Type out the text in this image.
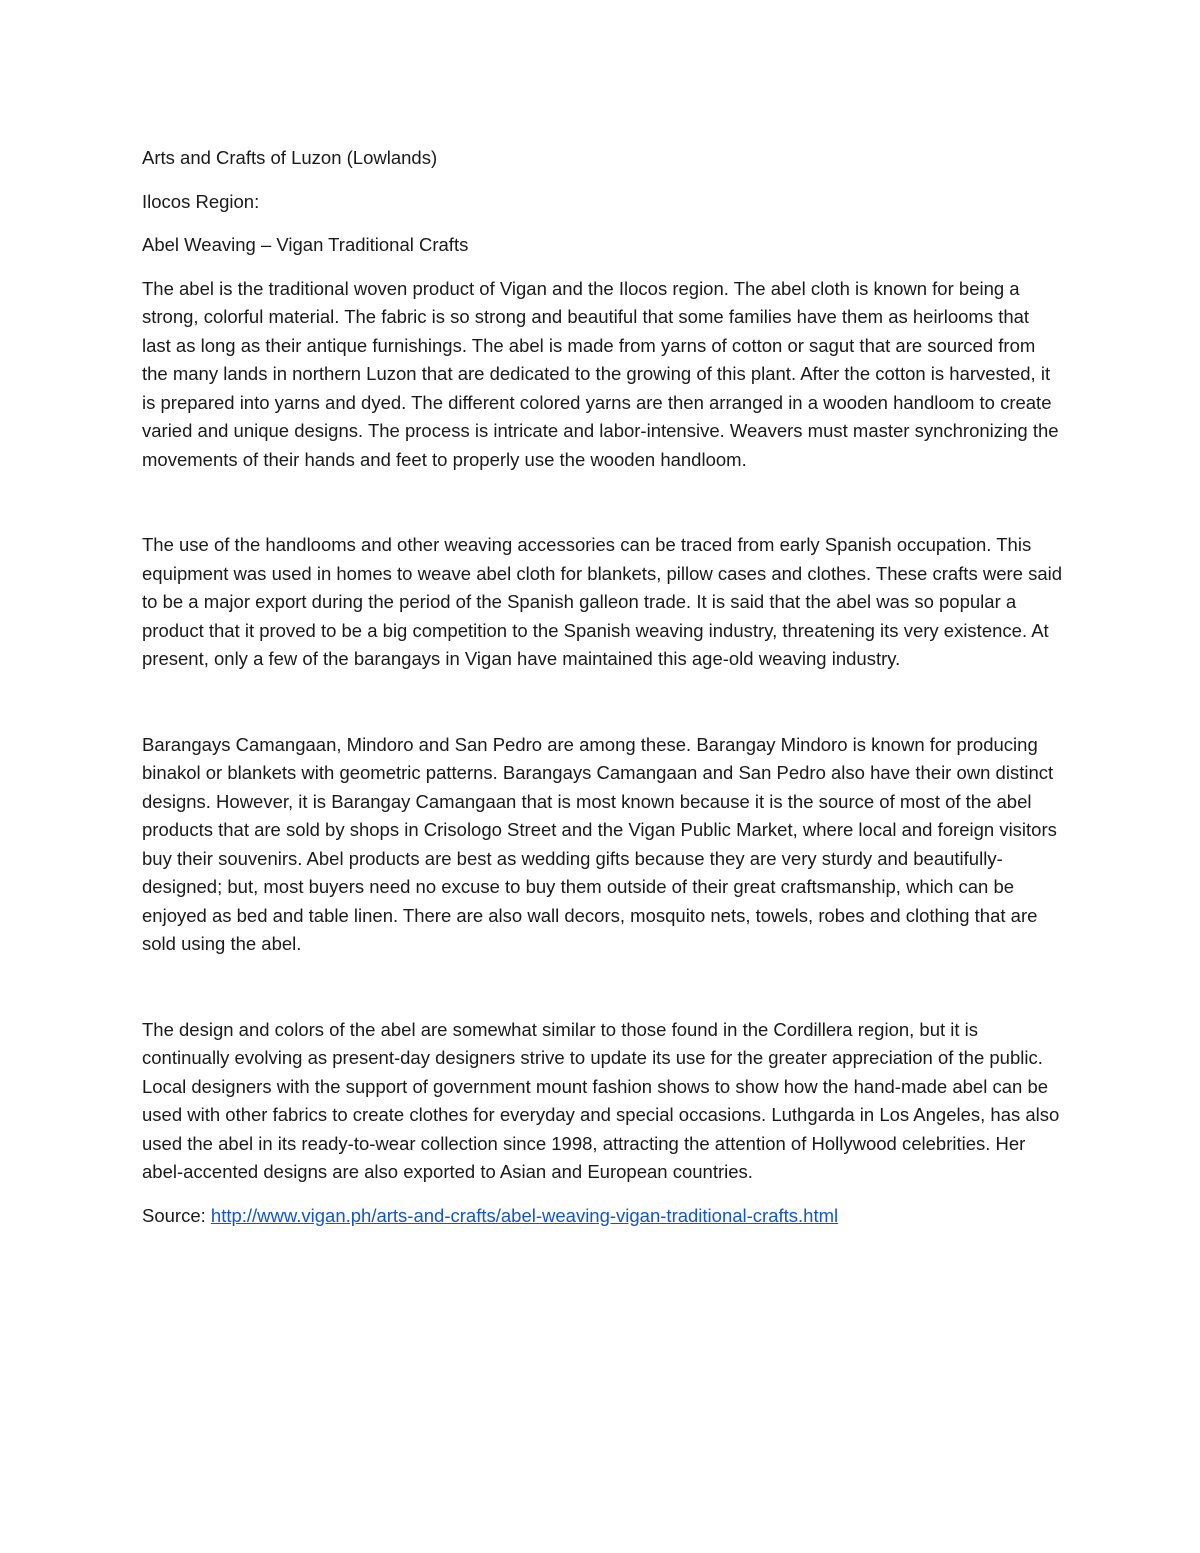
Arts and Crafts of Luzon (Lowlands)

Ilocos Region:

Abel Weaving – Vigan Traditional Crafts

The abel is the traditional woven product of Vigan and the Ilocos region. The abel cloth is known for being a strong, colorful material. The fabric is so strong and beautiful that some families have them as heirlooms that last as long as their antique furnishings. The abel is made from yarns of cotton or sagut that are sourced from the many lands in northern Luzon that are dedicated to the growing of this plant. After the cotton is harvested, it is prepared into yarns and dyed. The different colored yarns are then arranged in a wooden handloom to create varied and unique designs. The process is intricate and labor-intensive. Weavers must master synchronizing the movements of their hands and feet to properly use the wooden handloom.

The use of the handlooms and other weaving accessories can be traced from early Spanish occupation. This equipment was used in homes to weave abel cloth for blankets, pillow cases and clothes. These crafts were said to be a major export during the period of the Spanish galleon trade. It is said that the abel was so popular a product that it proved to be a big competition to the Spanish weaving industry, threatening its very existence. At present, only a few of the barangays in Vigan have maintained this age-old weaving industry.

Barangays Camangaan, Mindoro and San Pedro are among these. Barangay Mindoro is known for producing binakol or blankets with geometric patterns. Barangays Camangaan and San Pedro also have their own distinct designs. However, it is Barangay Camangaan that is most known because it is the source of most of the abel products that are sold by shops in Crisologo Street and the Vigan Public Market, where local and foreign visitors buy their souvenirs. Abel products are best as wedding gifts because they are very sturdy and beautifully-designed; but, most buyers need no excuse to buy them outside of their great craftsmanship, which can be enjoyed as bed and table linen. There are also wall decors, mosquito nets, towels, robes and clothing that are sold using the abel.

The design and colors of the abel are somewhat similar to those found in the Cordillera region, but it is continually evolving as present-day designers strive to update its use for the greater appreciation of the public. Local designers with the support of government mount fashion shows to show how the hand-made abel can be used with other fabrics to create clothes for everyday and special occasions. Luthgarda in Los Angeles, has also used the abel in its ready-to-wear collection since 1998, attracting the attention of Hollywood celebrities. Her abel-accented designs are also exported to Asian and European countries.

Source: http://www.vigan.ph/arts-and-crafts/abel-weaving-vigan-traditional-crafts.html
